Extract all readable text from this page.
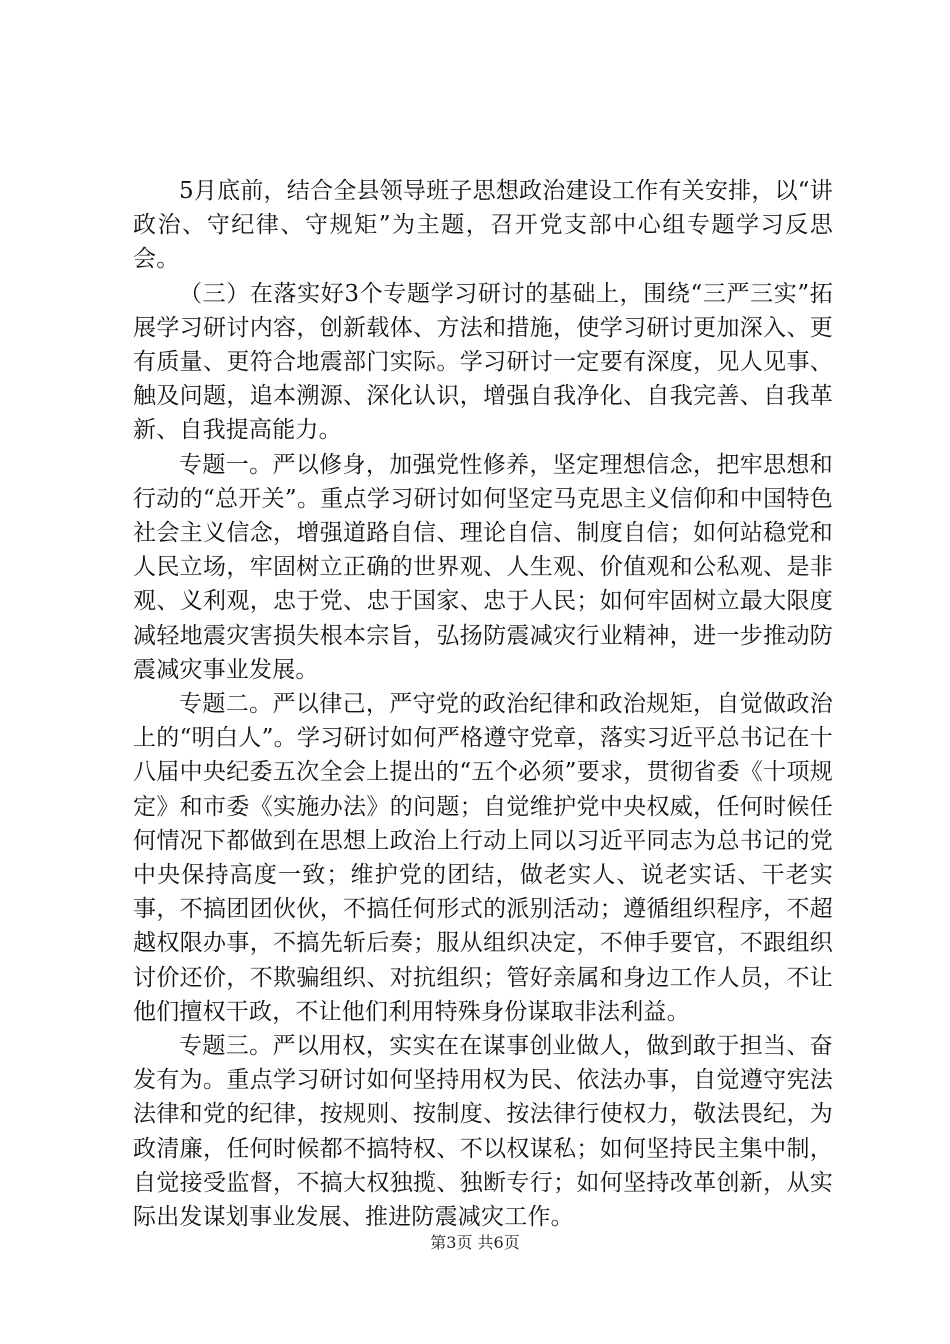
5月底前，结合全县领导班子思想政治建设工作有关安排，以“讲政治、守纪律、守规矩”为主题，召开党支部中心组专题学习反思会。

（三）在落实好3个专题学习研讨的基础上，围绕“三严三实”拓展学习研讨内容，创新载体、方法和措施，使学习研讨更加深入、更有质量、更符合地震部门实际。学习研讨一定要有深度，见人见事、触及问题，追本溯源、深化认识，增强自我净化、自我完善、自我革新、自我提高能力。

专题一。严以修身，加强党性修养，坚定理想信念，把牢思想和行动的“总开关”。重点学习研讨如何坚定马克思主义信仰和中国特色社会主义信念，增强道路自信、理论自信、制度自信；如何站稳党和人民立场，牢固树立正确的世界观、人生观、价值观和公私观、是非观、义利观，忠于党、忠于国家、忠于人民；如何牢固树立最大限度减轻地震灾害损失根本宗旨，弘扬防震减灾行业精神，进一步推动防震减灾事业发展。

专题二。严以律己，严守党的政治纪律和政治规矩，自觉做政治上的“明白人”。学习研讨如何严格遵守党章，落实习近平总书记在十八届中央纪委五次全会上提出的“五个必须”要求，贯彻省委《十项规定》和市委《实施办法》的问题；自觉维护党中央权威，任何时候任何情况下都做到在思想上政治上行动上同以习近平同志为总书记的党中央保持高度一致；维护党的团结，做老实人、说老实话、干老实事，不搞团团伙伙，不搞任何形式的派别活动；遵循组织程序，不超越权限办事，不搞先斩后奏；服从组织决定，不伸手要官，不跟组织讨价还价，不欺骗组织、对抗组织；管好亲属和身边工作人员，不让他们擅权干政，不让他们利用特殊身份谋取非法利益。

专题三。严以用权，实实在在谋事创业做人，做到敢于担当、奋发有为。重点学习研讨如何坚持用权为民、依法办事，自觉遵守宪法法律和党的纪律，按规则、按制度、按法律行使权力，敬法畏纪，为政清廉，任何时候都不搞特权、不以权谋私；如何坚持民主集中制，自觉接受监督，不搞大权独揽、独断专行；如何坚持改革创新，从实际出发谋划事业发展、推进防震减灾工作。

第3页 共6页
